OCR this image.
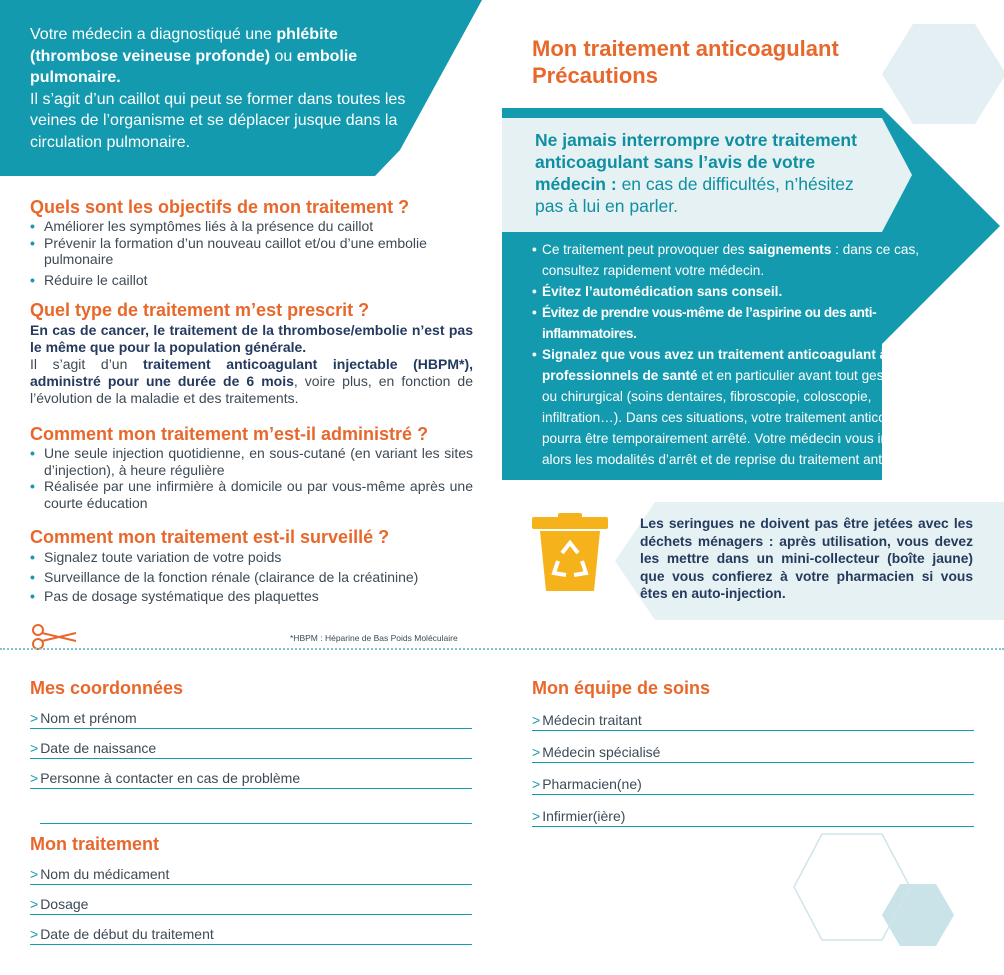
Votre médecin a diagnostiqué une phlébite (thrombose veineuse profonde) ou embolie pulmonaire.
Il s’agit d’un caillot qui peut se former dans toutes les veines de l’organisme et se déplacer jusque dans la circulation pulmonaire.
Quels sont les objectifs de mon traitement ?
• Améliorer les symptômes liés à la présence du caillot
• Prévenir la formation d’un nouveau caillot et/ou d’une embolie pulmonaire
• Réduire le caillot
Quel type de traitement m’est prescrit ?
En cas de cancer, le traitement de la thrombose/embolie n’est pas le même que pour la population générale.
Il s’agit d’un traitement anticoagulant injectable (HBPM*), administré pour une durée de 6 mois, voire plus, en fonction de l’évolution de la maladie et des traitements.
Comment mon traitement m’est-il administré ?
• Une seule injection quotidienne, en sous-cutané (en variant les sites d’injection), à heure régulière
• Réalisée par une infirmière à domicile ou par vous-même après une courte éducation
Comment mon traitement est-il surveillé ?
• Signalez toute variation de votre poids
• Surveillance de la fonction rénale (clairance de la créatinine)
• Pas de dosage systématique des plaquettes
*HBPM : Héparine de Bas Poids Moléculaire
Mon traitement anticoagulant
Précautions
Ne jamais interrompre votre traitement anticoagulant sans l’avis de votre médecin : en cas de difficultés, n’hésitez pas à lui en parler.
• Ce traitement peut provoquer des saignements : dans ce cas, consultez rapidement votre médecin.
• Évitez l’automédication sans conseil.
• Évitez de prendre vous-même de l’aspirine ou des anti-inflammatoires.
• Signalez que vous avez un traitement anticoagulant à tous les professionnels de santé et en particulier avant tout geste médical ou chirurgical (soins dentaires, fibroscopie, coloscopie, infiltration…). Dans ces situations, votre traitement anticoagulant pourra être temporairement arrêté. Votre médecin vous indiquera alors les modalités d’arrêt et de reprise du traitement anticoagulant.
Les seringues ne doivent pas être jetées avec les déchets ménagers : après utilisation, vous devez les mettre dans un mini-collecteur (boîte jaune) que vous confierez à votre pharmacien si vous êtes en auto-injection.
Mes coordonnées
> Nom et prénom
> Date de naissance
> Personne à contacter en cas de problème
Mon traitement
> Nom du médicament
> Dosage
> Date de début du traitement
Mon équipe de soins
> Médecin traitant
> Médecin spécialisé
> Pharmacien(ne)
> Infirmier(ière)
